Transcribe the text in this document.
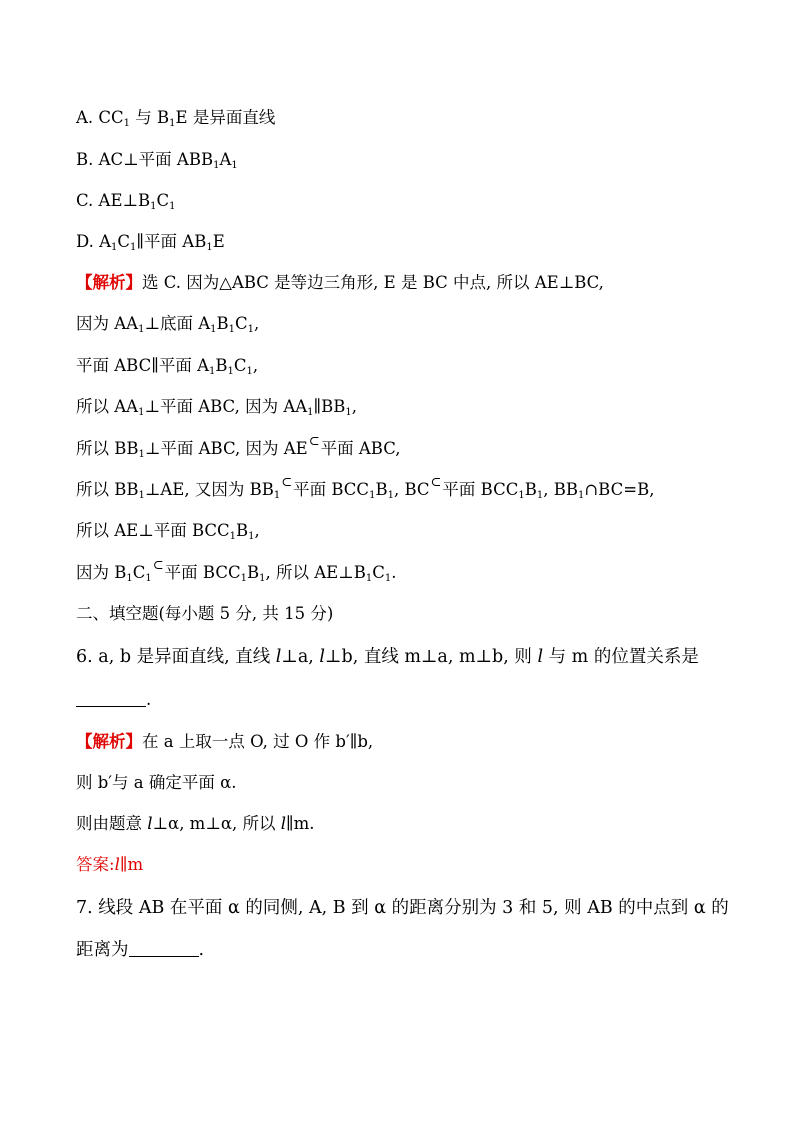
A. $CC_1$ 与 $B_1E$ 是异面直线
B. AC⊥平面 $ABB_1A_1$
C. $AE\perp B_1C_1$
D. $A_1C_1\parallel$平面 $AB_1E$
【解析】选 C. 因为△ABC 是等边三角形, E 是 BC 中点, 所以 AE⊥BC,
因为 $AA_1\perp$底面 $A_1B_1C_1$,
平面 ABC∥平面 $A_1B_1C_1$,
所以 $AA_1\perp$平面 ABC, 因为 $AA_1\parallel BB_1$,
所以 $BB_1\perp$平面 ABC, 因为 AE⊂平面 ABC,
所以 $BB_1\perp AE$, 又因为 $BB_1^\subset$平面 $BCC_1B_1$, BC⊂平面 $BCC_1B_1$, $BB_1\cap BC=B$,
所以 AE⊥平面 $BCC_1B_1$,
因为 $B_1C_1^\subset$平面 $BCC_1B_1$, 所以 $AE\perp B_1C_1$.
二、填空题(每小题 5 分, 共 15 分)
6. a, b 是异面直线, 直线 l⊥a, l⊥b, 直线 m⊥a, m⊥b, 则 l 与 m 的位置关系是
.
【解析】在 a 上取一点 O, 过 O 作 b′∥b,
则 b′与 a 确定平面 α.
则由题意 l⊥α, m⊥α, 所以 l∥m.
答案:l∥m
7. 线段 AB 在平面 α 的同侧, A, B 到 α 的距离分别为 3 和 5, 则 AB 的中点到 α 的
距离为	.
